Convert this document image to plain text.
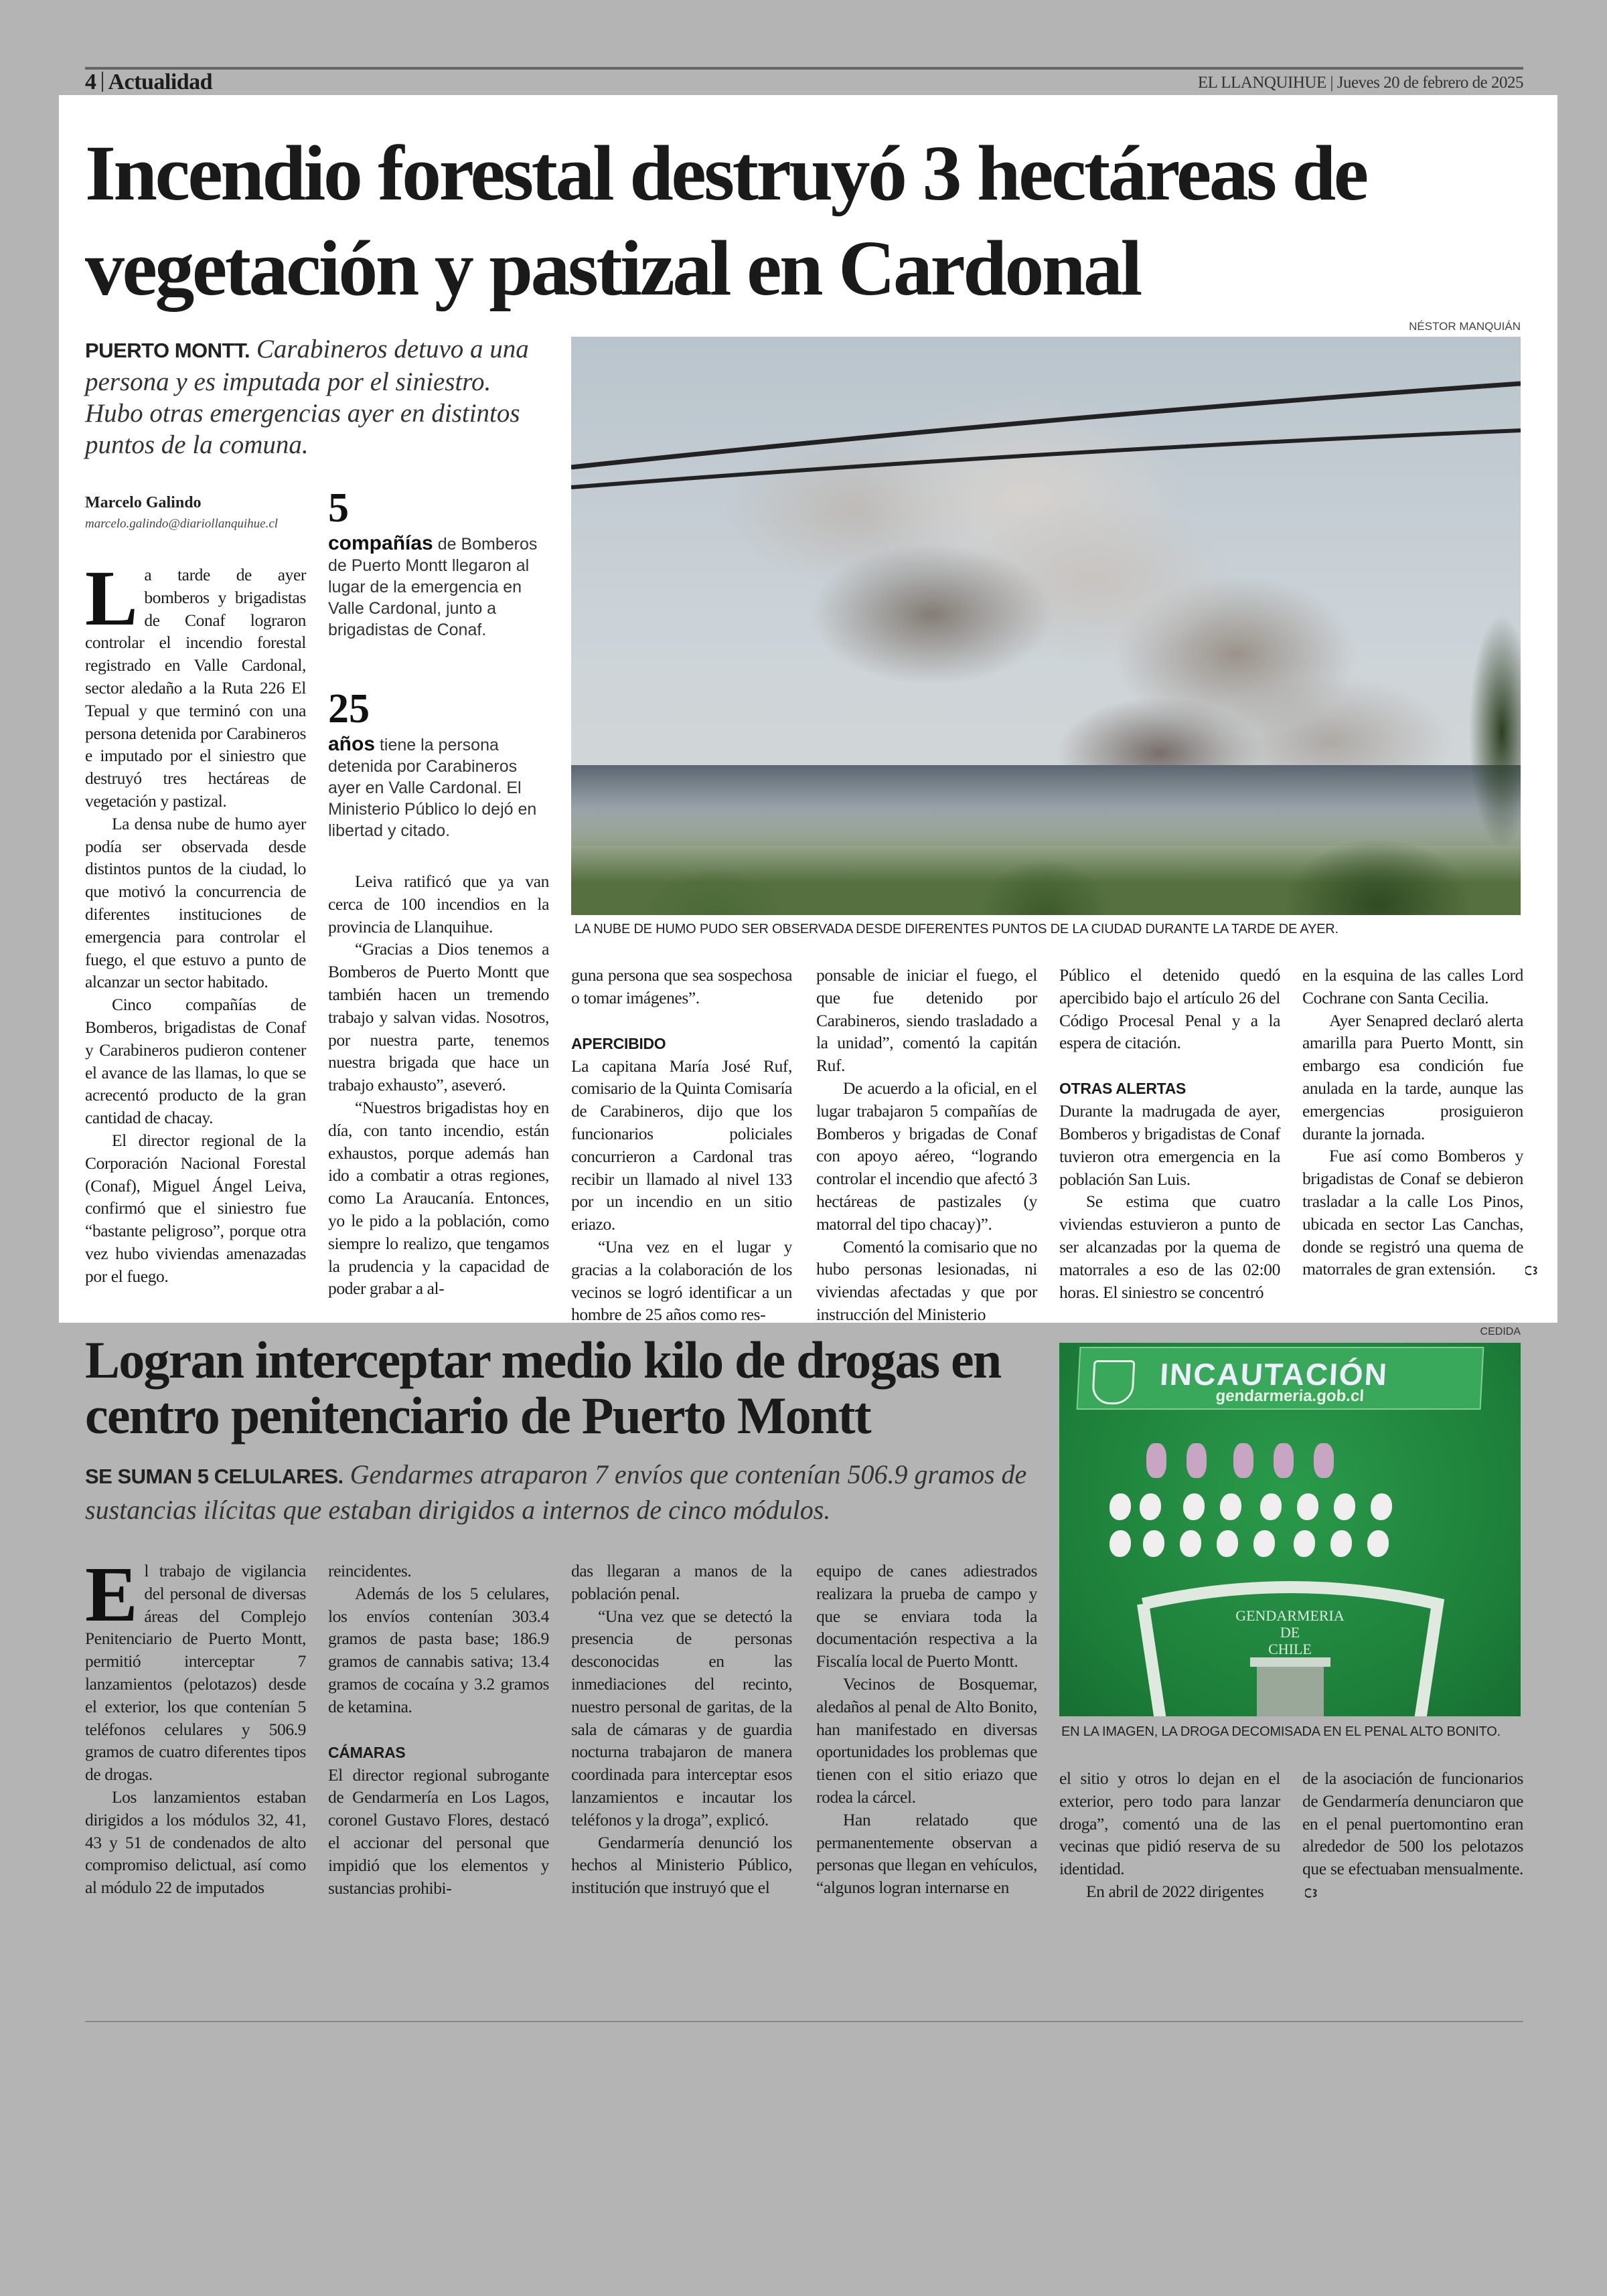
4 Actualidad	EL LLANQUIHUE | Jueves 20 de febrero de 2025
Incendio forestal destruyó 3 hectáreas de vegetación y pastizal en Cardonal
NÉSTOR MANQUIÁN
PUERTO MONTT. Carabineros detuvo a una persona y es imputada por el siniestro. Hubo otras emergencias ayer en distintos puntos de la comuna.
LA NUBE DE HUMO PUDO SER OBSERVADA DESDE DIFERENTES PUNTOS DE LA CIUDAD DURANTE LA TARDE DE AYER.
Marcelo Galindo
marcelo.galindo@diariollanquihue.cl 5
compañías de Bomberos de Puerto Montt llegaron al lugar de la emergencia en Valle Cardonal, junto a brigadistas de Conaf.
25
años tiene la persona detenida por Carabineros ayer en Valle Cardonal. El Ministerio Público lo dejó en libertad y citado.

La tarde de ayer bomberos y brigadistas de Conaf lograron controlar el incendio forestal registrado en Valle Cardonal, sector aledaño a la Ruta 226 El Tepual y que terminó con una persona detenida por Carabineros e imputado por el siniestro que destruyó tres hectáreas de vegetación y pastizal.

La densa nube de humo ayer podía ser observada desde distintos puntos de la ciudad, lo que motivó la concurrencia de diferentes instituciones de emergencia para controlar el fuego, el que estuvo a punto de alcanzar un sector habitado.

Cinco compañías de Bomberos, brigadistas de Conaf y Carabineros pudieron contener el avance de las llamas, lo que se acrecentó producto de la gran cantidad de chacay.

El director regional de la Corporación Nacional Forestal (Conaf), Miguel Ángel Leiva, confirmó que el siniestro fue “bastante peligroso”, porque otra vez hubo viviendas amenazadas por el fuego.

Leiva ratificó que ya van cerca de 100 incendios en la provincia de Llanquihue.

“Gracias a Dios tenemos a Bomberos de Puerto Montt que también hacen un tremendo trabajo y salvan vidas. Nosotros, por nuestra parte, tenemos nuestra brigada que hace un trabajo exhausto”, aseveró.

“Nuestros brigadistas hoy en día, con tanto incendio, están exhaustos, porque además han ido a combatir a otras regiones, como La Araucanía. Entonces, yo le pido a la población, como siempre lo realizo, que tengamos la prudencia y la capacidad de poder grabar a al-

guna persona que sea sospechosa o tomar imágenes”.

APERCIBIDO

La capitana María José Ruf, comisario de la Quinta Comisaría de Carabineros, dijo que los funcionarios policiales concurrieron a Cardonal tras recibir un llamado al nivel 133 por un incendio en un sitio eriazo.

“Una vez en el lugar y gracias a la colaboración de los vecinos se logró identificar a un hombre de 25 años como res-

ponsable de iniciar el fuego, el que fue detenido por Carabineros, siendo trasladado a la unidad”, comentó la capitán Ruf.

De acuerdo a la oficial, en el lugar trabajaron 5 compañías de Bomberos y brigadas de Conaf con apoyo aéreo, “logrando controlar el incendio que afectó 3 hectáreas de pastizales (y matorral del tipo chacay)”.

Comentó la comisario que no hubo personas lesionadas, ni viviendas afectadas y que por instrucción del Ministerio

Público el detenido quedó apercibido bajo el artículo 26 del Código Procesal Penal y a la espera de citación.

OTRAS ALERTAS

Durante la madrugada de ayer, Bomberos y brigadistas de Conaf tuvieron otra emergencia en la población San Luis.

Se estima que cuatro viviendas estuvieron a punto de ser alcanzadas por la quema de matorrales a eso de las 02:00 horas. El siniestro se concentró

en la esquina de las calles Lord Cochrane con Santa Cecilia.

Ayer Senapred declaró alerta amarilla para Puerto Montt, sin embargo esa condición fue anulada en la tarde, aunque las emergencias prosiguieron durante la jornada.

Fue así como Bomberos y brigadistas de Conaf se debieron trasladar a la calle Los Pinos, ubicada en sector Las Canchas, donde se registró una quema de matorrales de gran extensión.

CEDIDA
Logran interceptar medio kilo de drogas en centro penitenciario de Puerto Montt
SE SUMAN 5 CELULARES. Gendarmes atraparon 7 envíos que contenían 506.9 gramos de sustancias ilícitas que estaban dirigidos a internos de cinco módulos.
INCAUTACIÓN
gendarmeria.gob.cl
GENDARMERIA
DE
CHILE
EN LA IMAGEN, LA DROGA DECOMISADA EN EL PENAL ALTO BONITO.

El trabajo de vigilancia del personal de diversas áreas del Complejo Penitenciario de Puerto Montt, permitió interceptar 7 lanzamientos (pelotazos) desde el exterior, los que contenían 5 teléfonos celulares y 506.9 gramos de cuatro diferentes tipos de drogas.

Los lanzamientos estaban dirigidos a los módulos 32, 41, 43 y 51 de condenados de alto compromiso delictual, así como al módulo 22 de imputados

reincidentes.

Además de los 5 celulares, los envíos contenían 303.4 gramos de pasta base; 186.9 gramos de cannabis sativa; 13.4 gramos de cocaína y 3.2 gramos de ketamina.

CÁMARAS

El director regional subrogante de Gendarmería en Los Lagos, coronel Gustavo Flores, destacó el accionar del personal que impidió que los elementos y sustancias prohibi-

das llegaran a manos de la población penal.

“Una vez que se detectó la presencia de personas desconocidas en las inmediaciones del recinto, nuestro personal de garitas, de la sala de cámaras y de guardia nocturna trabajaron de manera coordinada para interceptar esos lanzamientos e incautar los teléfonos y la droga”, explicó.

Gendarmería denunció los hechos al Ministerio Público, institución que instruyó que el

equipo de canes adiestrados realizara la prueba de campo y que se enviara toda la documentación respectiva a la Fiscalía local de Puerto Montt.

Vecinos de Bosquemar, aledaños al penal de Alto Bonito, han manifestado en diversas oportunidades los problemas que tienen con el sitio eriazo que rodea la cárcel.

Han relatado que permanentemente observan a personas que llegan en vehículos, “algunos logran internarse en

el sitio y otros lo dejan en el exterior, pero todo para lanzar droga”, comentó una de las vecinas que pidió reserva de su identidad.

En abril de 2022 dirigentes

de la asociación de funcionarios de Gendarmería denunciaron que en el penal puertomontino eran alrededor de 500 los pelotazos que se efectuaban mensualmente.
